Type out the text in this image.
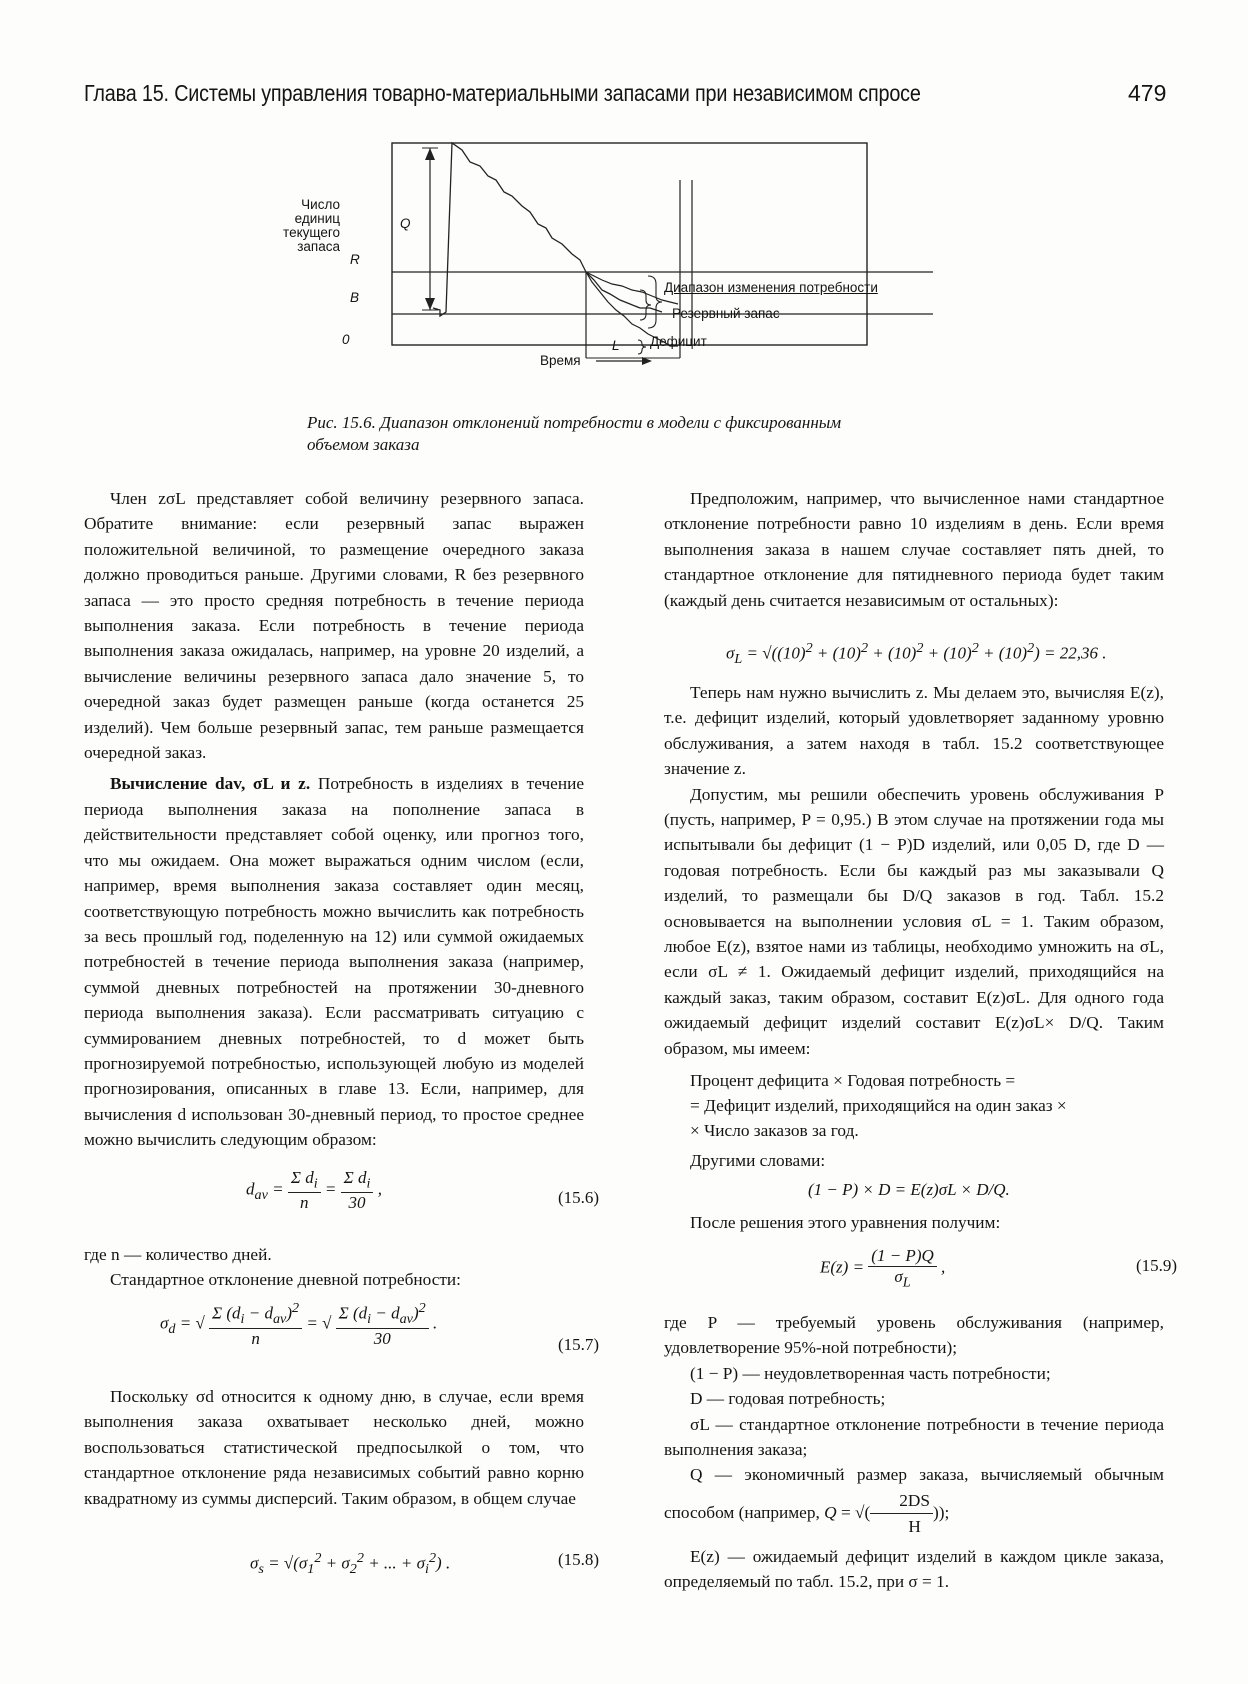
Глава 15. Системы управления товарно-материальными запасами при независимом спросе	479
Число
единиц
текущего
запаса
Q
R
B
0	L
Время
Диапазон изменения потребности
Резервный запас
Дефицит
Рис. 15.6. Диапазон отклонений потребности в модели с фиксированным
объемом заказа

Член zσL представляет собой величину резервного запаса. Обратите внимание: если резервный запас выражен положительной величиной, то размещение очередного заказа должно проводиться раньше. Другими словами, R без резервного запаса — это просто средняя потребность в течение периода выполнения заказа. Если потребность в течение периода выполнения заказа ожидалась, например, на уровне 20 изделий, а вычисление величины резервного запаса дало значение 5, то очередной заказ будет размещен раньше (когда останется 25 изделий). Чем больше резервный запас, тем раньше размещается очередной заказ.

Вычисление dav, σL и z. Потребность в изделиях в течение периода выполнения заказа на пополнение запаса в действительности представляет собой оценку, или прогноз того, что мы ожидаем. Она может выражаться одним числом (если, например, время выполнения заказа составляет один месяц, соответствующую потребность можно вычислить как потребность за весь прошлый год, поделенную на 12) или суммой ожидаемых потребностей в течение периода выполнения заказа (например, суммой дневных потребностей на протяжении 30-дневного периода выполнения заказа). Если рассматривать ситуацию с суммированием дневных потребностей, то d может быть прогнозируемой потребностью, использующей любую из моделей прогнозирования, описанных в главе 13. Если, например, для вычисления d использован 30-дневный период, то простое среднее можно вычислить следующим образом:

$d_{av} = \frac{\Sigma d_i}{n} = \frac{\Sigma d_i}{30}$ ,	(15.6)

где n — количество дней.

Стандартное отклонение дневной потребности:

$\sigma_d$ = √ $\frac{\Sigma (d_i - d_{av})^2}{n}$ = √ $\frac{\Sigma (d_i - d_{av})^2}{30}$ .
(15.7)

Поскольку σd относится к одному дню, в случае, если время выполнения заказа охватывает несколько дней, можно воспользоваться статистической предпосылкой о том, что стандартное отклонение ряда независимых событий равно корню квадратному из суммы дисперсий. Таким образом, в общем случае

$\sigma_s = √(\sigma_1^2 + \sigma_2^2$ + ... + $\sigma_i^2$) .	(15.8)

Предположим, например, что вычисленное нами стандартное отклонение потребности равно 10 изделиям в день. Если время выполнения заказа в нашем случае составляет пять дней, то стандартное отклонение для пятидневного периода будет таким (каждый день считается независимым от остальных):

$\sigma_L = √((10)^2 + (10)^2 + (10)^2 + (10)^2 + (10)^2) = 22,36$ .

Теперь нам нужно вычислить z. Мы делаем это, вычисляя E(z), т.е. дефицит изделий, который удовлетворяет заданному уровню обслуживания, а затем находя в табл. 15.2 соответствующее значение z.

Допустим, мы решили обеспечить уровень обслуживания P (пусть, например, P = 0,95.) В этом случае на протяжении года мы испытывали бы дефицит (1 − P)D изделий, или 0,05 D, где D — годовая потребность. Если бы каждый раз мы заказывали Q изделий, то размещали бы D/Q заказов в год. Табл. 15.2 основывается на выполнении условия σL = 1. Таким образом, любое E(z), взятое нами из таблицы, необходимо умножить на σL, если σL ≠ 1. Ожидаемый дефицит изделий, приходящийся на каждый заказ, таким образом, составит E(z)σL. Для одного года ожидаемый дефицит изделий составит E(z)σL× D/Q. Таким образом, мы имеем:

Процент дефицита × Годовая потребность =
= Дефицит изделий, приходящийся на один заказ ×
× Число заказов за год.

Другими словами:

(1 − P) × D = E(z)σL × D/Q.

После решения этого уравнения получим:

$E(z) = \frac{(1 - P)Q}{\sigma_L}$ ,	(15.9)

где P — требуемый уровень обслуживания (например, удовлетворение 95%-ной потребности);

(1 − P) — неудовлетворенная часть потребности;

D — годовая потребность;

σL — стандартное отклонение потребности в течение периода выполнения заказа;

Q — экономичный размер заказа, вычисляемый обычным способом (например, Q = √( $\frac{2DS}{H}$ ));

E(z) — ожидаемый дефицит изделий в каждом цикле заказа, определяемый по табл. 15.2, при σ = 1.
